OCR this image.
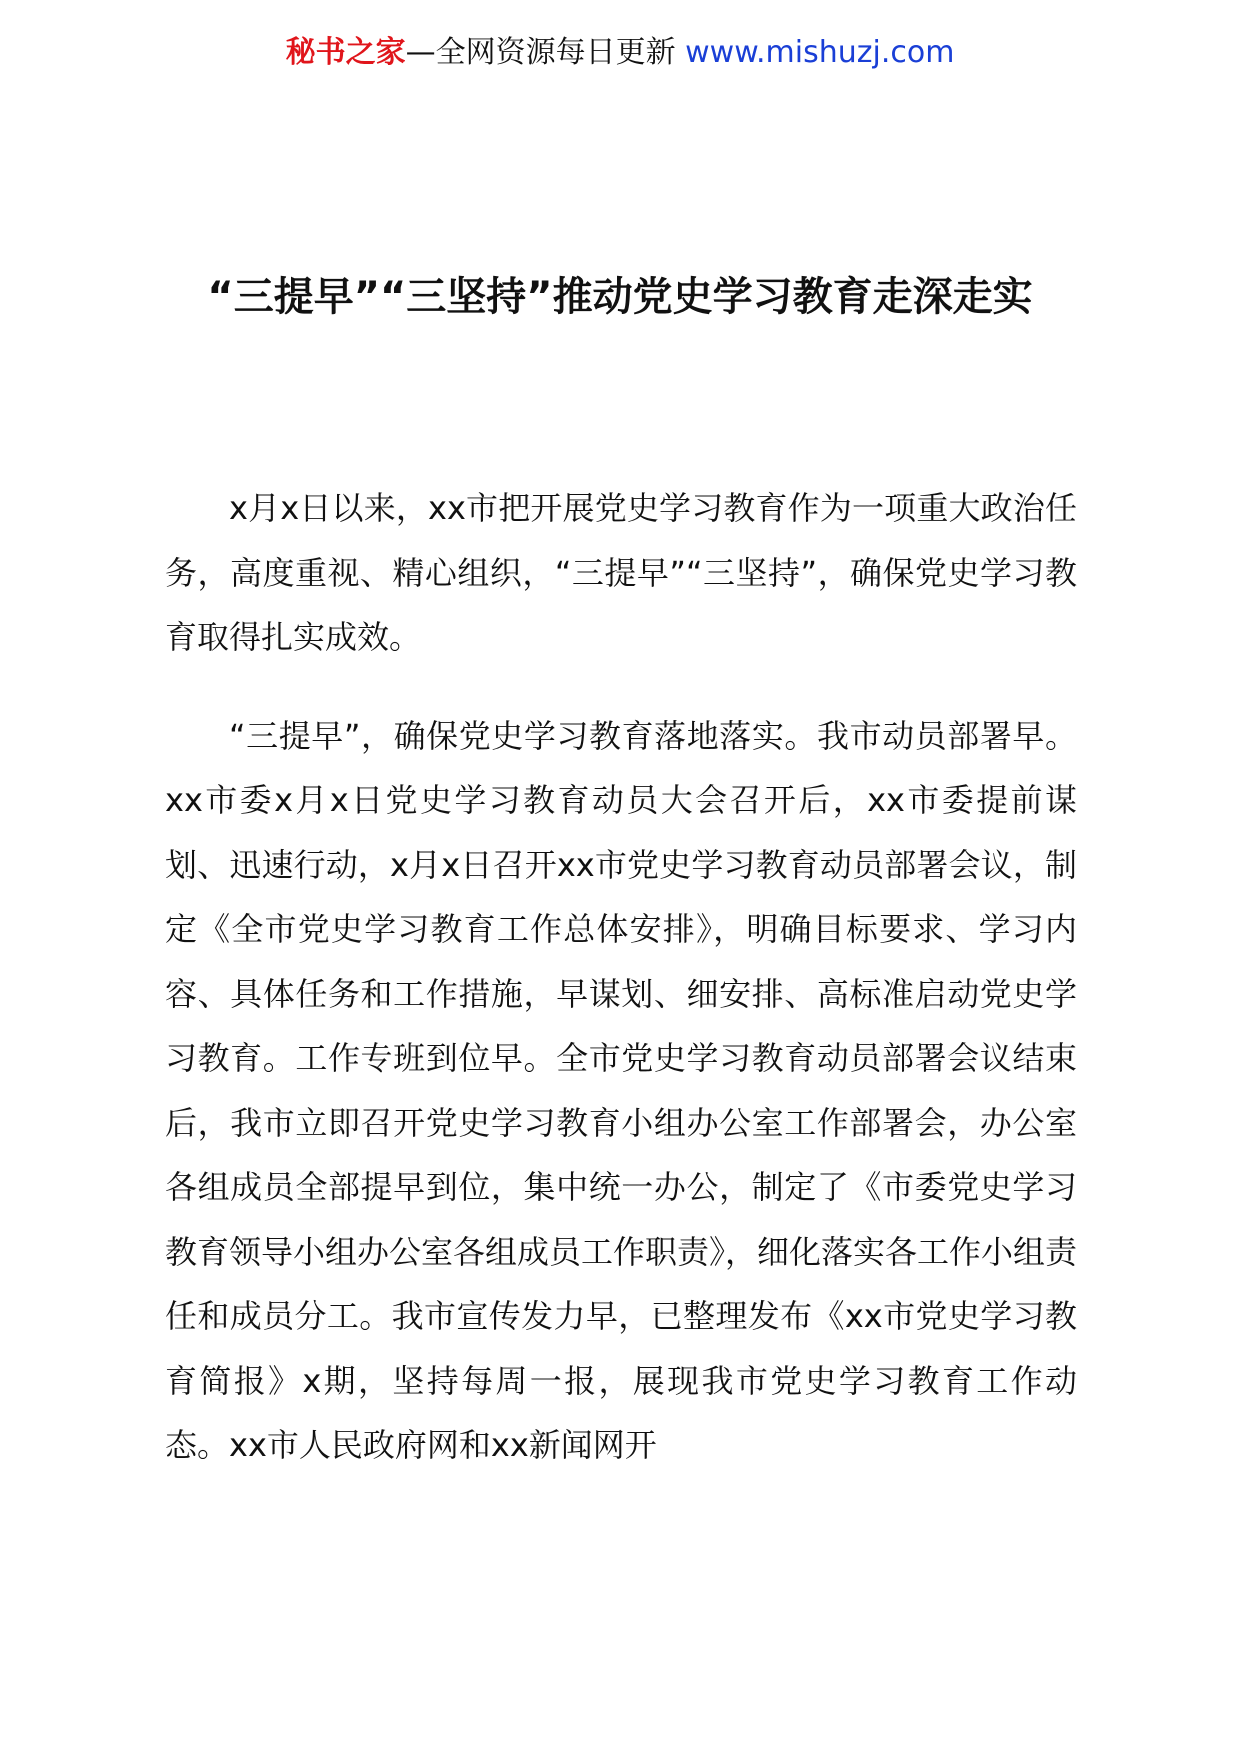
秘书之家—全网资源每日更新 www.mishuzj.com
“三提早”“三坚持”推动党史学习教育走深走实

x月x日以来，xx市把开展党史学习教育作为一项重大政治任务，高度重视、精心组织，“三提早”“三坚持”，确保党史学习教育取得扎实成效。

“三提早”，确保党史学习教育落地落实。我市动员部署早。xx市委x月x日党史学习教育动员大会召开后，xx市委提前谋划、迅速行动，x月x日召开xx市党史学习教育动员部署会议，制定《全市党史学习教育工作总体安排》，明确目标要求、学习内容、具体任务和工作措施，早谋划、细安排、高标准启动党史学习教育。工作专班到位早。全市党史学习教育动员部署会议结束后，我市立即召开党史学习教育小组办公室工作部署会，办公室各组成员全部提早到位，集中统一办公，制定了《市委党史学习教育领导小组办公室各组成员工作职责》，细化落实各工作小组责任和成员分工。我市宣传发力早，已整理发布《xx市党史学习教育简报》x期，坚持每周一报，展现我市党史学习教育工作动态。xx市人民政府网和xx新闻网开
